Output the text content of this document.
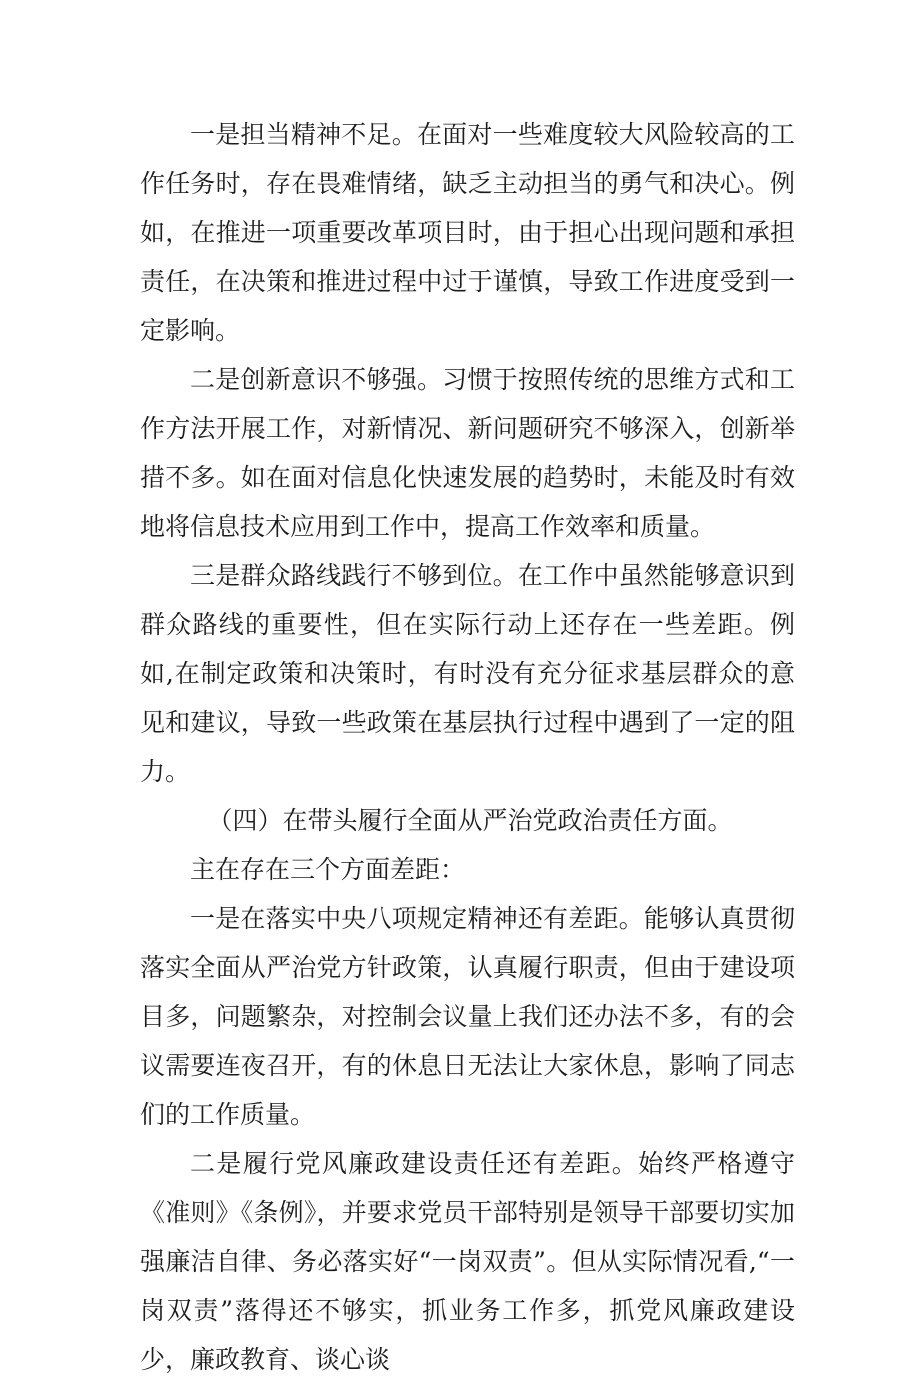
一是担当精神不足。在面对一些难度较大风险较高的工作任务时，存在畏难情绪，缺乏主动担当的勇气和决心。例如，在推进一项重要改革项目时，由于担心出现问题和承担责任，在决策和推进过程中过于谨慎，导致工作进度受到一定影响。

二是创新意识不够强。习惯于按照传统的思维方式和工作方法开展工作，对新情况、新问题研究不够深入，创新举措不多。如在面对信息化快速发展的趋势时，未能及时有效地将信息技术应用到工作中，提高工作效率和质量。

三是群众路线践行不够到位。在工作中虽然能够意识到群众路线的重要性，但在实际行动上还存在一些差距。例如,在制定政策和决策时，有时没有充分征求基层群众的意见和建议，导致一些政策在基层执行过程中遇到了一定的阻力。

（四）在带头履行全面从严治党政治责任方面。

主在存在三个方面差距：

一是在落实中央八项规定精神还有差距。能够认真贯彻落实全面从严治党方针政策，认真履行职责，但由于建设项目多，问题繁杂，对控制会议量上我们还办法不多，有的会议需要连夜召开，有的休息日无法让大家休息，影响了同志们的工作质量。

二是履行党风廉政建设责任还有差距。始终严格遵守《准则》《条例》，并要求党员干部特别是领导干部要切实加强廉洁自律、务必落实好“一岗双责”。但从实际情况看,“一岗双责”落得还不够实，抓业务工作多，抓党风廉政建设少，廉政教育、谈心谈
